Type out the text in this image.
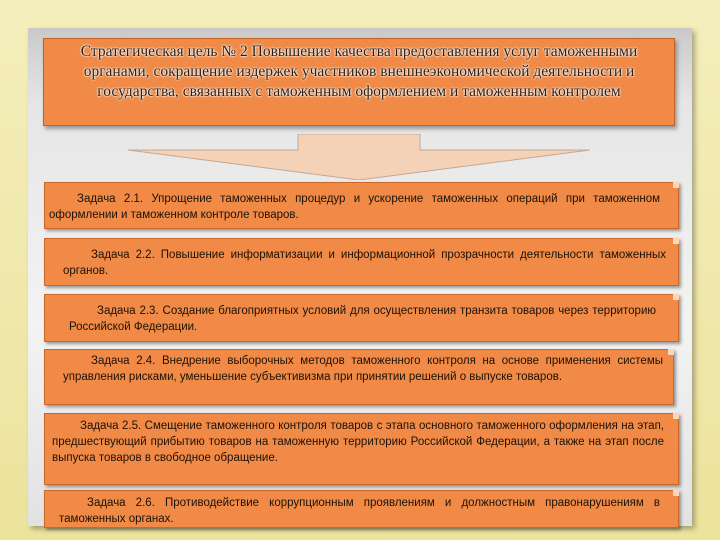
Стратегическая цель № 2 Повышение качества предоставления услуг таможенными органами, сокращение издержек участников внешнеэкономической деятельности и государства, связанных с таможенным оформлением и таможенным контролем
Задача 2.1. Упрощение таможенных процедур и ускорение таможенных операций при таможенном оформлении и таможенном контроле товаров.
Задача 2.2. Повышение информатизации и информационной прозрачности деятельности таможенных органов.
Задача 2.3. Создание благоприятных условий для осуществления транзита товаров через территорию Российской Федерации.
Задача 2.4. Внедрение выборочных методов таможенного контроля на основе применения системы управления рисками, уменьшение субъективизма при принятии решений о выпуске товаров.
Задача 2.5. Смещение таможенного контроля товаров с этапа основного таможенного оформления на этап, предшествующий прибытию товаров на таможенную территорию Российской Федерации, а также на этап после выпуска товаров в свободное обращение.
Задача 2.6. Противодействие коррупционным проявлениям и должностным правонарушениям в таможенных органах.
